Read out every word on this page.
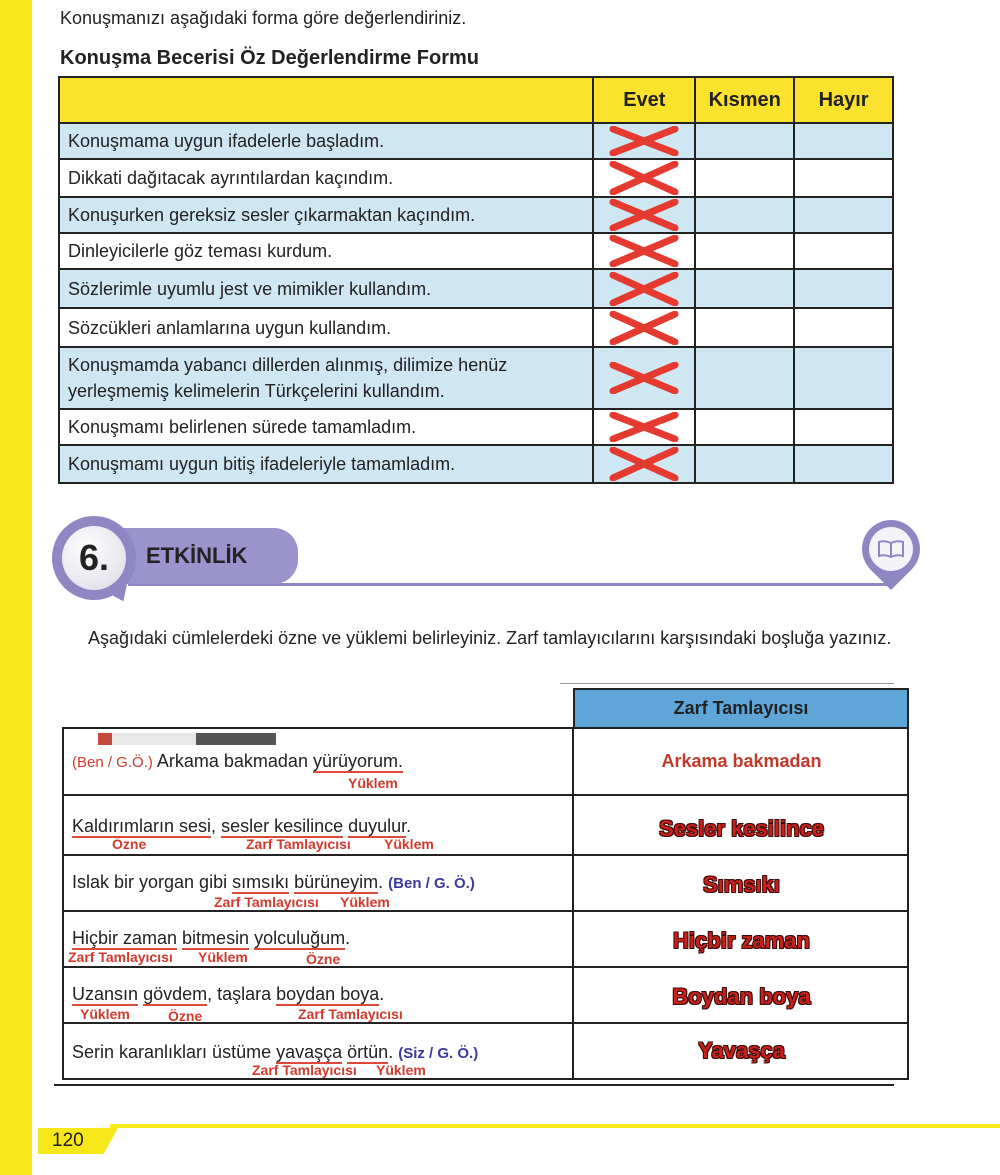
Konuşmanızı aşağıdaki forma göre değerlendiriniz.
Konuşma Becerisi Öz Değerlendirme Formu
	Evet	Kısmen	Hayır
Konuşmama uygun ifadelerle başladım.	

Dikkati dağıtacak ayrıntılardan kaçındım.	

Konuşurken gereksiz sesler çıkarmaktan kaçındım.	

Dinleyicilerle göz teması kurdum.	

Sözlerimle uyumlu jest ve mimikler kullandım.	

Sözcükleri anlamlarına uygun kullandım.	

Konuşmamda yabancı dillerden alınmış, dilimize henüz yerleşmemiş kelimelerin Türkçelerini kullandım.	

Konuşmamı belirlenen sürede tamamladım.	

Konuşmamı uygun bitiş ifadeleriyle tamamladım.	

ETKİNLİK
6.
Aşağıdaki cümlelerdeki özne ve yüklemi belirleyiniz. Zarf tamlayıcılarını karşısındaki boşluğa yazınız.
Zarf Tamlayıcısı
(Ben / G.Ö.) Arkama bakmadan yürüyorum.
Yüklem
Arkama bakmadan
Kaldırımların sesi, sesler kesilince duyulur.
Özne	Zarf Tamlayıcısı Yüklem
Sesler kesilince
Islak bir yorgan gibi sımsıkı bürüneyim. (Ben / G. Ö.)
Zarf Tamlayıcısı Yüklem
Sımsıkı
Hiçbir zaman bitmesin yolculuğum.
Zarf Tamlayıcısı Yüklem	Özne
Hiçbir zaman
Uzansın gövdem, taşlara boydan boya.
Yüklem	Özne	Zarf Tamlayıcısı
Boydan boya
Serin karanlıkları üstüme yavaşça örtün. (Siz / G. Ö.)
Zarf Tamlayıcısı Yüklem
Yavaşça
120
